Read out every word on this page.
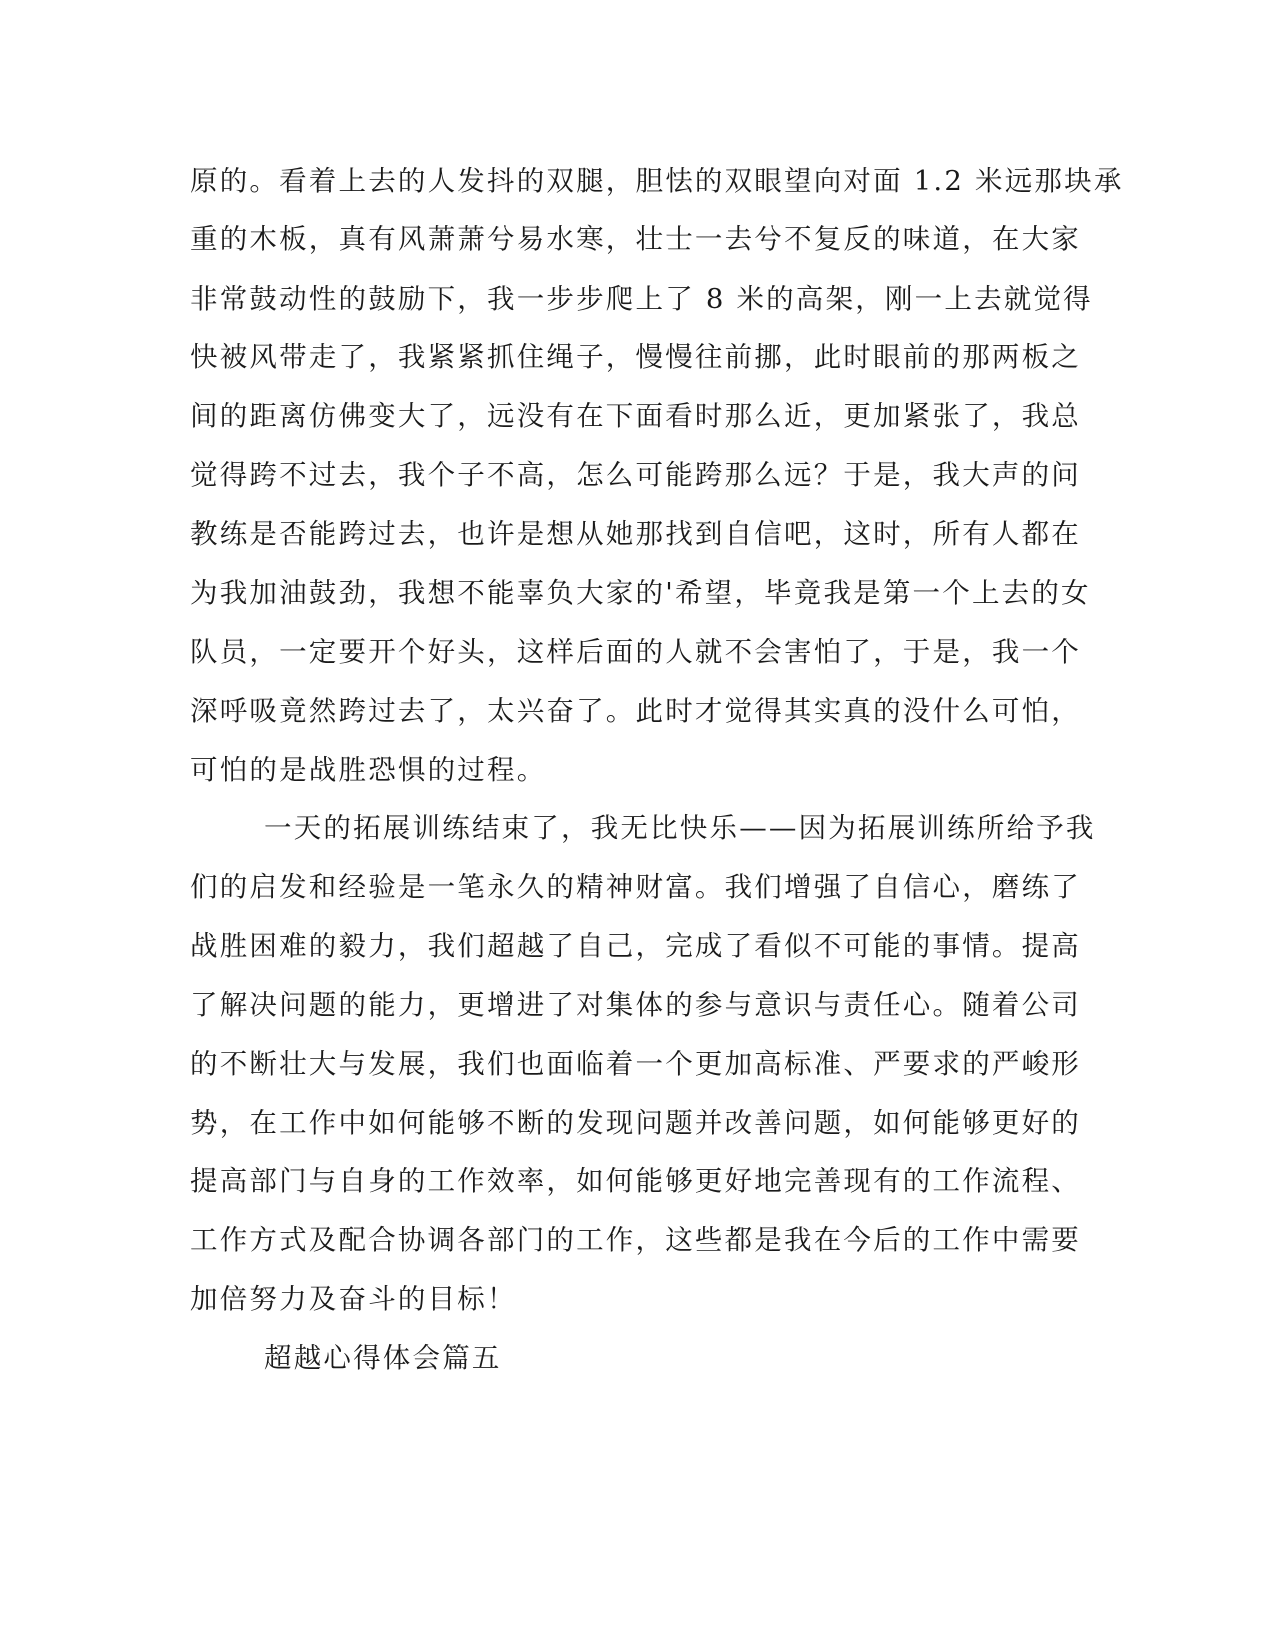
原的。看着上去的人发抖的双腿，胆怯的双眼望向对面 1.2 米远那块承
重的木板，真有风萧萧兮易水寒，壮士一去兮不复反的味道，在大家
非常鼓动性的鼓励下，我一步步爬上了 8 米的高架，刚一上去就觉得
快被风带走了，我紧紧抓住绳子，慢慢往前挪，此时眼前的那两板之
间的距离仿佛变大了，远没有在下面看时那么近，更加紧张了，我总
觉得跨不过去，我个子不高，怎么可能跨那么远？于是，我大声的问
教练是否能跨过去，也许是想从她那找到自信吧，这时，所有人都在
为我加油鼓劲，我想不能辜负大家的'希望，毕竟我是第一个上去的女
队员，一定要开个好头，这样后面的人就不会害怕了，于是，我一个
深呼吸竟然跨过去了，太兴奋了。此时才觉得其实真的没什么可怕，
可怕的是战胜恐惧的过程。
一天的拓展训练结束了，我无比快乐——因为拓展训练所给予我
们的启发和经验是一笔永久的精神财富。我们增强了自信心，磨练了
战胜困难的毅力，我们超越了自己，完成了看似不可能的事情。提高
了解决问题的能力，更增进了对集体的参与意识与责任心。随着公司
的不断壮大与发展，我们也面临着一个更加高标准、严要求的严峻形
势，在工作中如何能够不断的发现问题并改善问题，如何能够更好的
提高部门与自身的工作效率，如何能够更好地完善现有的工作流程、
工作方式及配合协调各部门的工作，这些都是我在今后的工作中需要
加倍努力及奋斗的目标！
超越心得体会篇五
